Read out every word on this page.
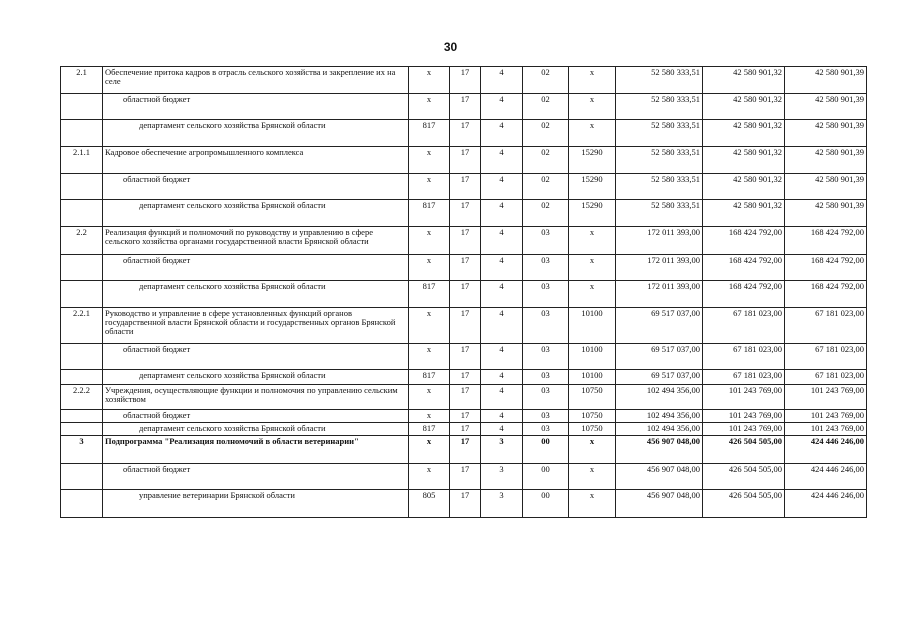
30
2.1	Обеспечение притока кадров в отрасль сельского хозяйства и закрепление их на селе	x	17	4	02	x	52 580 333,51	42 580 901,32	42 580 901,39
	областной бюджет	x	17	4	02	x	52 580 333,51	42 580 901,32	42 580 901,39
	департамент сельского хозяйства Брянской области	817	17	4	02	x	52 580 333,51	42 580 901,32	42 580 901,39
2.1.1	Кадровое обеспечение агропромышленного комплекса	x	17	4	02	15290	52 580 333,51	42 580 901,32	42 580 901,39
	областной бюджет	x	17	4	02	15290	52 580 333,51	42 580 901,32	42 580 901,39
	департамент сельского хозяйства Брянской области	817	17	4	02	15290	52 580 333,51	42 580 901,32	42 580 901,39
2.2	Реализация функций и полномочий по руководству и управлению в сфере сельского хозяйства органами государственной власти Брянской области	x	17	4	03	x	172 011 393,00	168 424 792,00	168 424 792,00
	областной бюджет	x	17	4	03	x	172 011 393,00	168 424 792,00	168 424 792,00
	департамент сельского хозяйства Брянской области	817	17	4	03	x	172 011 393,00	168 424 792,00	168 424 792,00
2.2.1	Руководство и управление в сфере установленных функций органов государственной власти Брянской области и государственных органов Брянской области	x	17	4	03	10100	69 517 037,00	67 181 023,00	67 181 023,00
	областной бюджет	x	17	4	03	10100	69 517 037,00	67 181 023,00	67 181 023,00
	департамент сельского хозяйства Брянской области	817	17	4	03	10100	69 517 037,00	67 181 023,00	67 181 023,00
2.2.2	Учреждения, осуществляющие функции и полномочия по управлению сельским хозяйством	x	17	4	03	10750	102 494 356,00	101 243 769,00	101 243 769,00
	областной бюджет	x	17	4	03	10750	102 494 356,00	101 243 769,00	101 243 769,00
	департамент сельского хозяйства Брянской области	817	17	4	03	10750	102 494 356,00	101 243 769,00	101 243 769,00
3	Подпрограмма "Реализация полномочий в области ветеринарии"	x	17	3	00	x	456 907 048,00	426 504 505,00	424 446 246,00
	областной бюджет	x	17	3	00	x	456 907 048,00	426 504 505,00	424 446 246,00
	управление ветеринарии Брянской области	805	17	3	00	x	456 907 048,00	426 504 505,00	424 446 246,00
